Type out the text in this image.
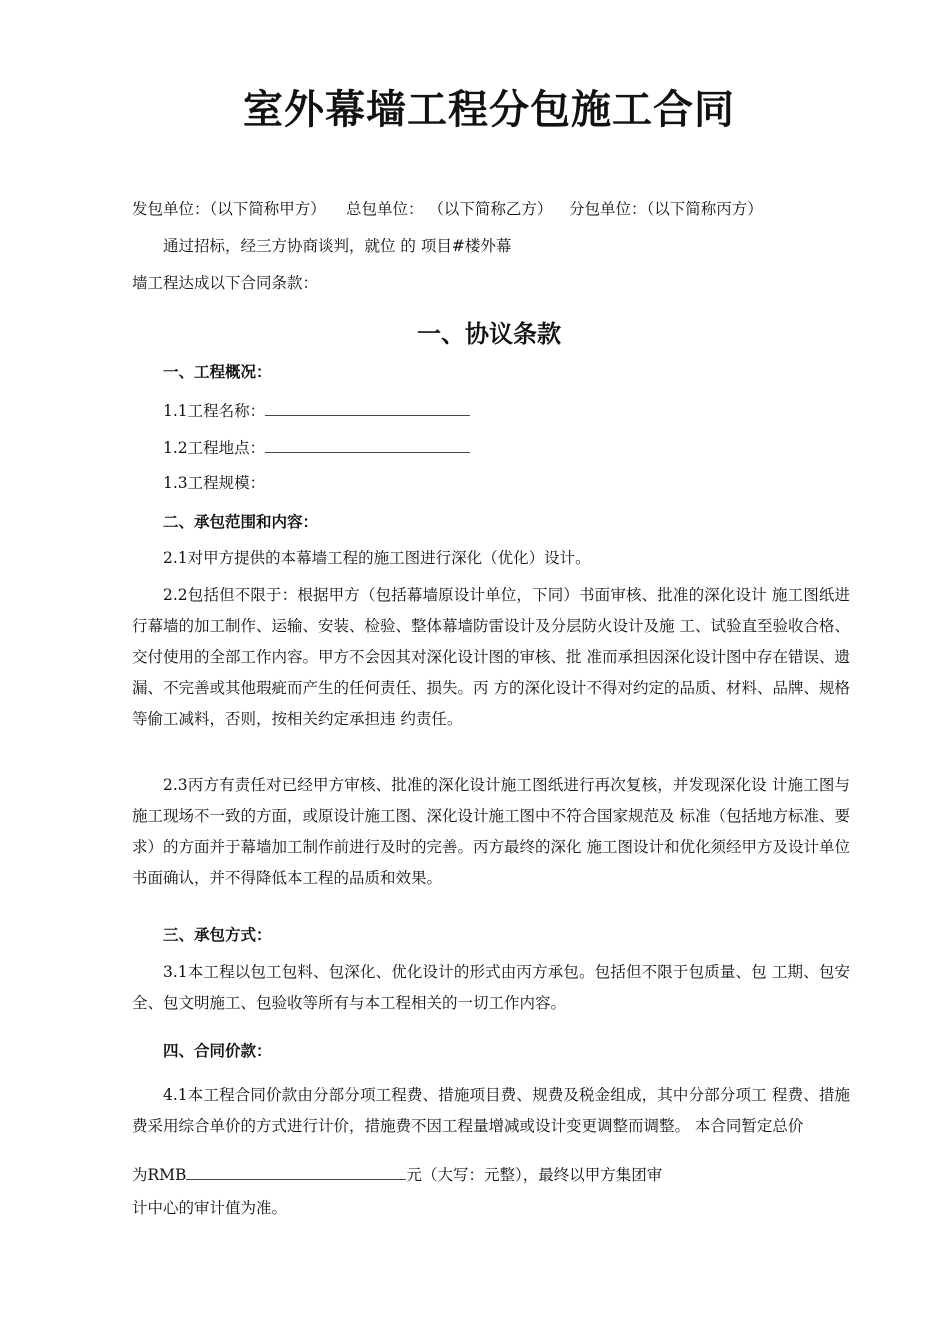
室外幕墙工程分包施工合同

发包单位：（以下简称甲方） 总包单位： （以下简称乙方） 分包单位：（以下简称丙方）

通过招标，经三方协商谈判，就位 的 项目#楼外幕

墙工程达成以下合同条款：

一、协议条款

一、工程概况：

1.1工程名称：

1.2工程地点：

1.3工程规模：

二、承包范围和内容：

2.1对甲方提供的本幕墙工程的施工图进行深化（优化）设计。

2.2包括但不限于：根据甲方（包括幕墙原设计单位，下同）书面审核、批准的深化设计 施工图纸进行幕墙的加工制作、运输、安装、检验、整体幕墙防雷设计及分层防火设计及施 工、试验直至验收合格、交付使用的全部工作内容。甲方不会因其对深化设计图的审核、批 准而承担因深化设计图中存在错误、遗漏、不完善或其他瑕疵而产生的任何责任、损失。丙 方的深化设计不得对约定的品质、材料、品牌、规格等偷工减料，否则，按相关约定承担违 约责任。

2.3丙方有责任对已经甲方审核、批准的深化设计施工图纸进行再次复核，并发现深化设 计施工图与施工现场不一致的方面，或原设计施工图、深化设计施工图中不符合国家规范及 标准（包括地方标准、要求）的方面并于幕墙加工制作前进行及时的完善。丙方最终的深化 施工图设计和优化须经甲方及设计单位书面确认，并不得降低本工程的品质和效果。

三、承包方式：

3.1本工程以包工包料、包深化、优化设计的形式由丙方承包。包括但不限于包质量、包 工期、包安全、包文明施工、包验收等所有与本工程相关的一切工作内容。

四、合同价款：

4.1本工程合同价款由分部分项工程费、措施项目费、规费及税金组成，其中分部分项工 程费、措施费采用综合单价的方式进行计价，措施费不因工程量增减或设计变更调整而调整。 本合同暂定总价

为RMB	元（大写：元整），最终以甲方集团审

计中心的审计值为准。
